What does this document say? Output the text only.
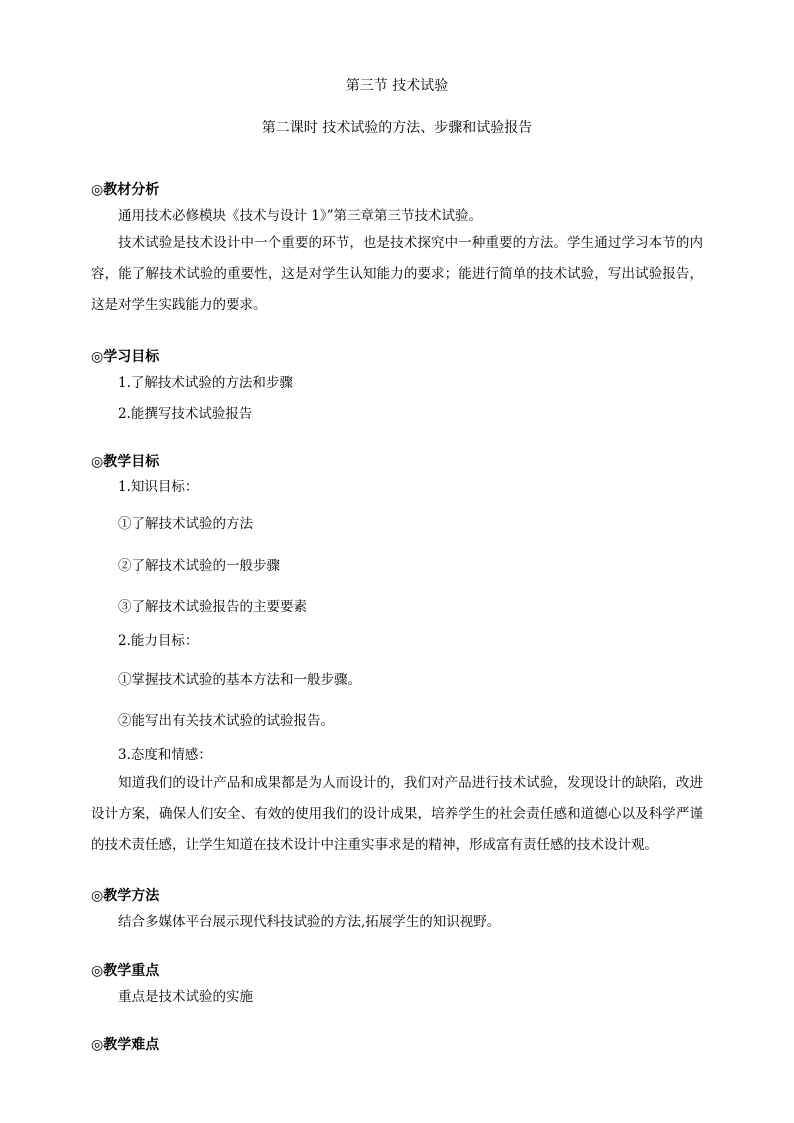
第三节 技术试验
第二课时 技术试验的方法、步骤和试验报告
◎教材分析
通用技术必修模块《技术与设计 1》”第三章第三节技术试验。
技术试验是技术设计中一个重要的环节，也是技术探究中一种重要的方法。学生通过学习本节的内容，能了解技术试验的重要性，这是对学生认知能力的要求；能进行简单的技术试验，写出试验报告，这是对学生实践能力的要求。
◎学习目标
1.了解技术试验的方法和步骤
2.能撰写技术试验报告
◎教学目标
1.知识目标：
①了解技术试验的方法
②了解技术试验的一般步骤
③了解技术试验报告的主要要素
2.能力目标：
①掌握技术试验的基本方法和一般步骤。
②能写出有关技术试验的试验报告。
3.态度和情感：
知道我们的设计产品和成果都是为人而设计的，我们对产品进行技术试验，发现设计的缺陷，改进设计方案，确保人们安全、有效的使用我们的设计成果，培养学生的社会责任感和道德心以及科学严谨的技术责任感，让学生知道在技术设计中注重实事求是的精神，形成富有责任感的技术设计观。
◎教学方法
结合多媒体平台展示现代科技试验的方法,拓展学生的知识视野。
◎教学重点
重点是技术试验的实施
◎教学难点
